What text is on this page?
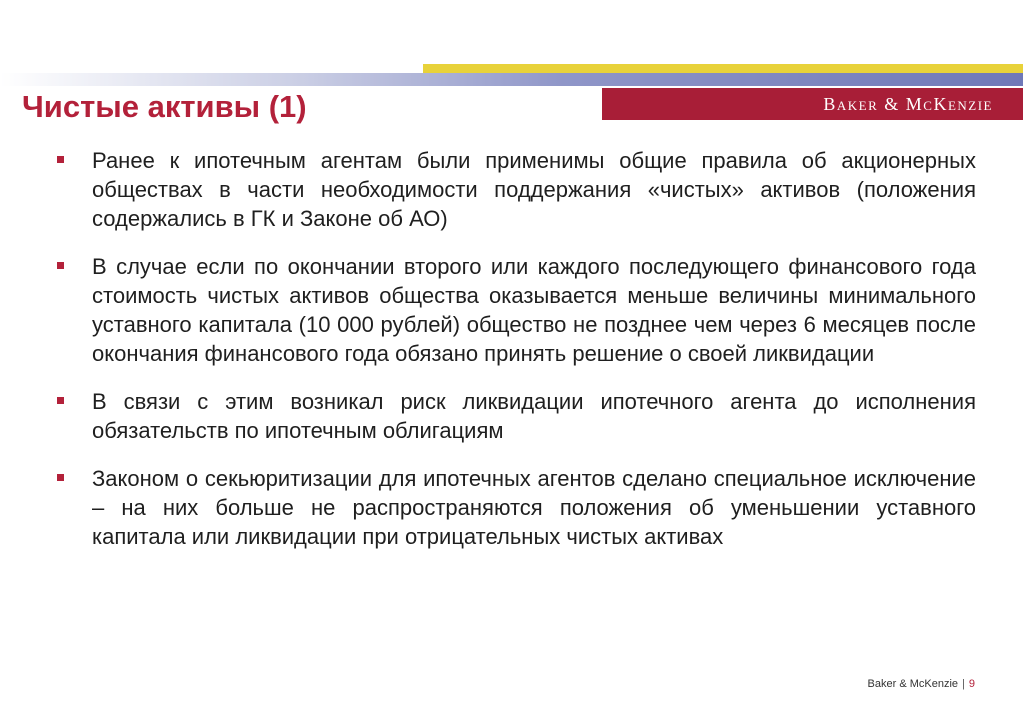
Чистые активы (1)	Baker & McKenzie
Ранее к ипотечным агентам были применимы общие правила об акционерных обществах в части необходимости поддержания «чистых» активов (положения содержались в ГК и Законе об АО)
В случае если по окончании второго или каждого последующего финансового года стоимость чистых активов общества оказывается меньше величины минимального уставного капитала (10 000 рублей) общество не позднее чем через 6 месяцев после окончания финансового года обязано принять решение о своей ликвидации
В связи с этим возникал риск ликвидации ипотечного агента до исполнения обязательств по ипотечным облигациям
Законом о секьюритизации для ипотечных агентов сделано специальное исключение – на них больше не распространяются положения об уменьшении уставного капитала или ликвидации при отрицательных чистых активах
Baker & McKenzie | 9
